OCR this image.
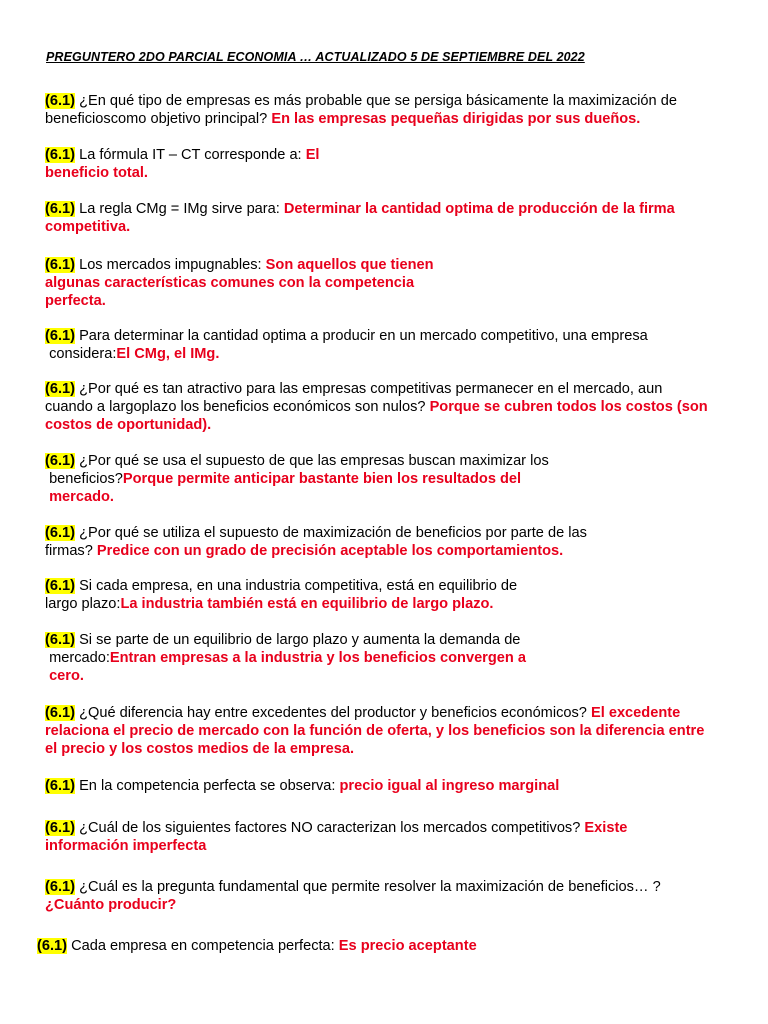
PREGUNTERO 2DO PARCIAL ECONOMIA … ACTUALIZADO 5 DE SEPTIEMBRE DEL 2022
(6.1) ¿En qué tipo de empresas es más probable que se persiga básicamente la maximización de
beneficioscomo objetivo principal? En las empresas pequeñas dirigidas por sus dueños.
(6.1) La fórmula IT – CT corresponde a: El
beneficio total.
(6.1) La regla CMg = IMg sirve para: Determinar la cantidad optima de producción de la firma
competitiva.
(6.1) Los mercados impugnables: Son aquellos que tienen
algunas características comunes con la competencia
perfecta.
(6.1) Para determinar la cantidad optima a producir en un mercado competitivo, una empresa
considera:El CMg, el IMg.
(6.1) ¿Por qué es tan atractivo para las empresas competitivas permanecer en el mercado, aun
cuando a largoplazo los beneficios económicos son nulos? Porque se cubren todos los costos (son
costos de oportunidad).
(6.1) ¿Por qué se usa el supuesto de que las empresas buscan maximizar los
beneficios?Porque permite anticipar bastante bien los resultados del
mercado.
(6.1) ¿Por qué se utiliza el supuesto de maximización de beneficios por parte de las
firmas? Predice con un grado de precisión aceptable los comportamientos.
(6.1) Si cada empresa, en una industria competitiva, está en equilibrio de
largo plazo:La industria también está en equilibrio de largo plazo.
(6.1) Si se parte de un equilibrio de largo plazo y aumenta la demanda de
mercado:Entran empresas a la industria y los beneficios convergen a
cero.
(6.1) ¿Qué diferencia hay entre excedentes del productor y beneficios económicos? El excedente
relaciona el precio de mercado con la función de oferta, y los beneficios son la diferencia entre
el precio y los costos medios de la empresa.
(6.1) En la competencia perfecta se observa: precio igual al ingreso marginal
(6.1) ¿Cuál de los siguientes factores NO caracterizan los mercados competitivos? Existe
información imperfecta
(6.1) ¿Cuál es la pregunta fundamental que permite resolver la maximización de beneficios… ?
¿Cuánto producir?
(6.1) Cada empresa en competencia perfecta: Es precio aceptante
